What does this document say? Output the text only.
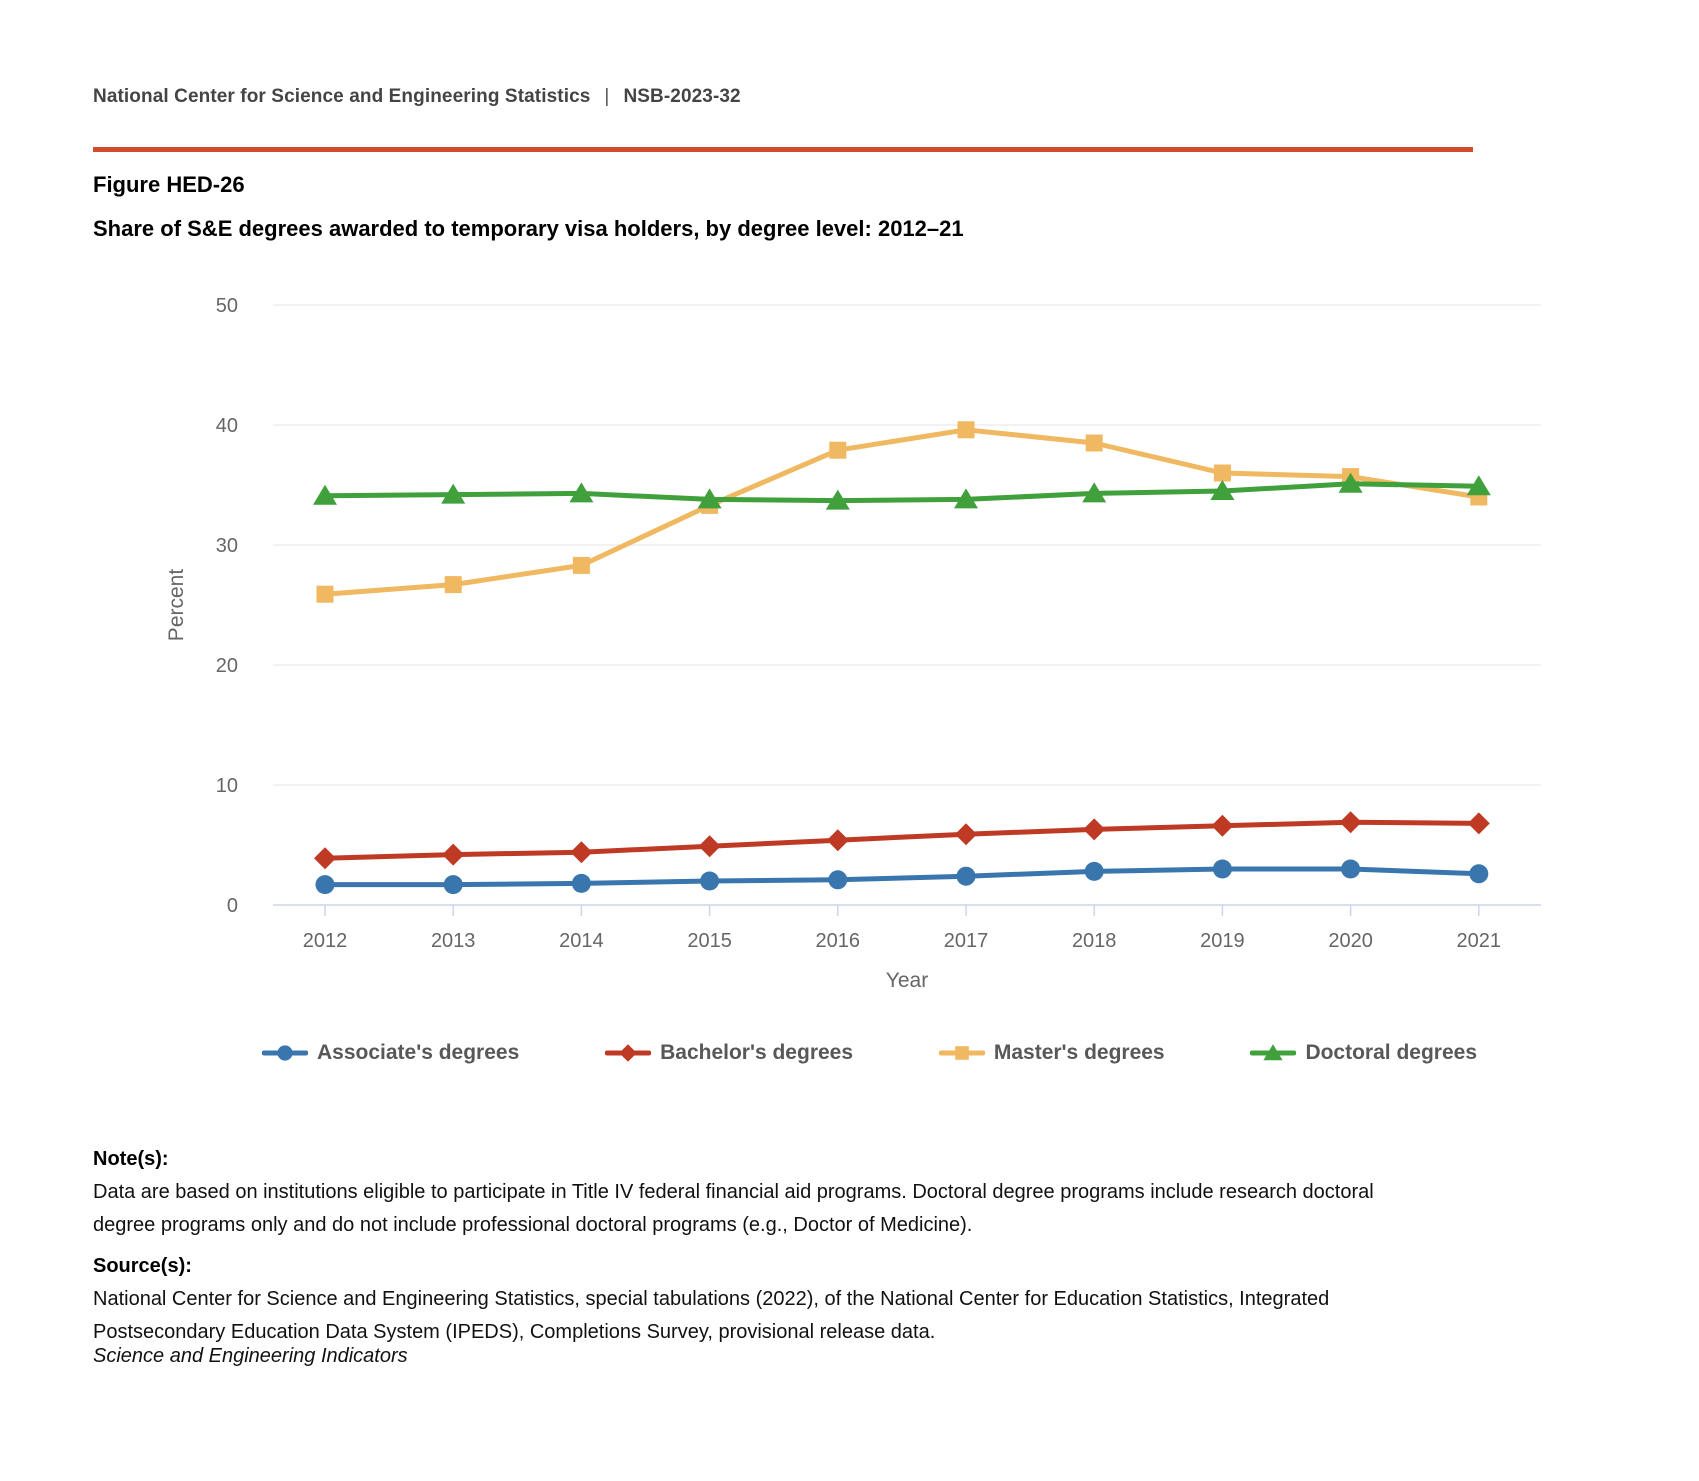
National Center for Science and Engineering Statistics | NSB-2023-32
Figure HED-26
Share of S&E degrees awarded to temporary visa holders, by degree level: 2012–21
0
10
20
30
40
50
Percent
2012	2013	2014	2015	2016	2017	2018	2019	2020	2021
Year
Associate's degrees	Bachelor's degrees	Master's degrees	Doctoral degrees
Note(s):
Data are based on institutions eligible to participate in Title IV federal financial aid programs. Doctoral degree programs include research doctoral
degree programs only and do not include professional doctoral programs (e.g., Doctor of Medicine).
Source(s):
National Center for Science and Engineering Statistics, special tabulations (2022), of the National Center for Education Statistics, Integrated
Postsecondary Education Data System (IPEDS), Completions Survey, provisional release data.
Science and Engineering Indicators
